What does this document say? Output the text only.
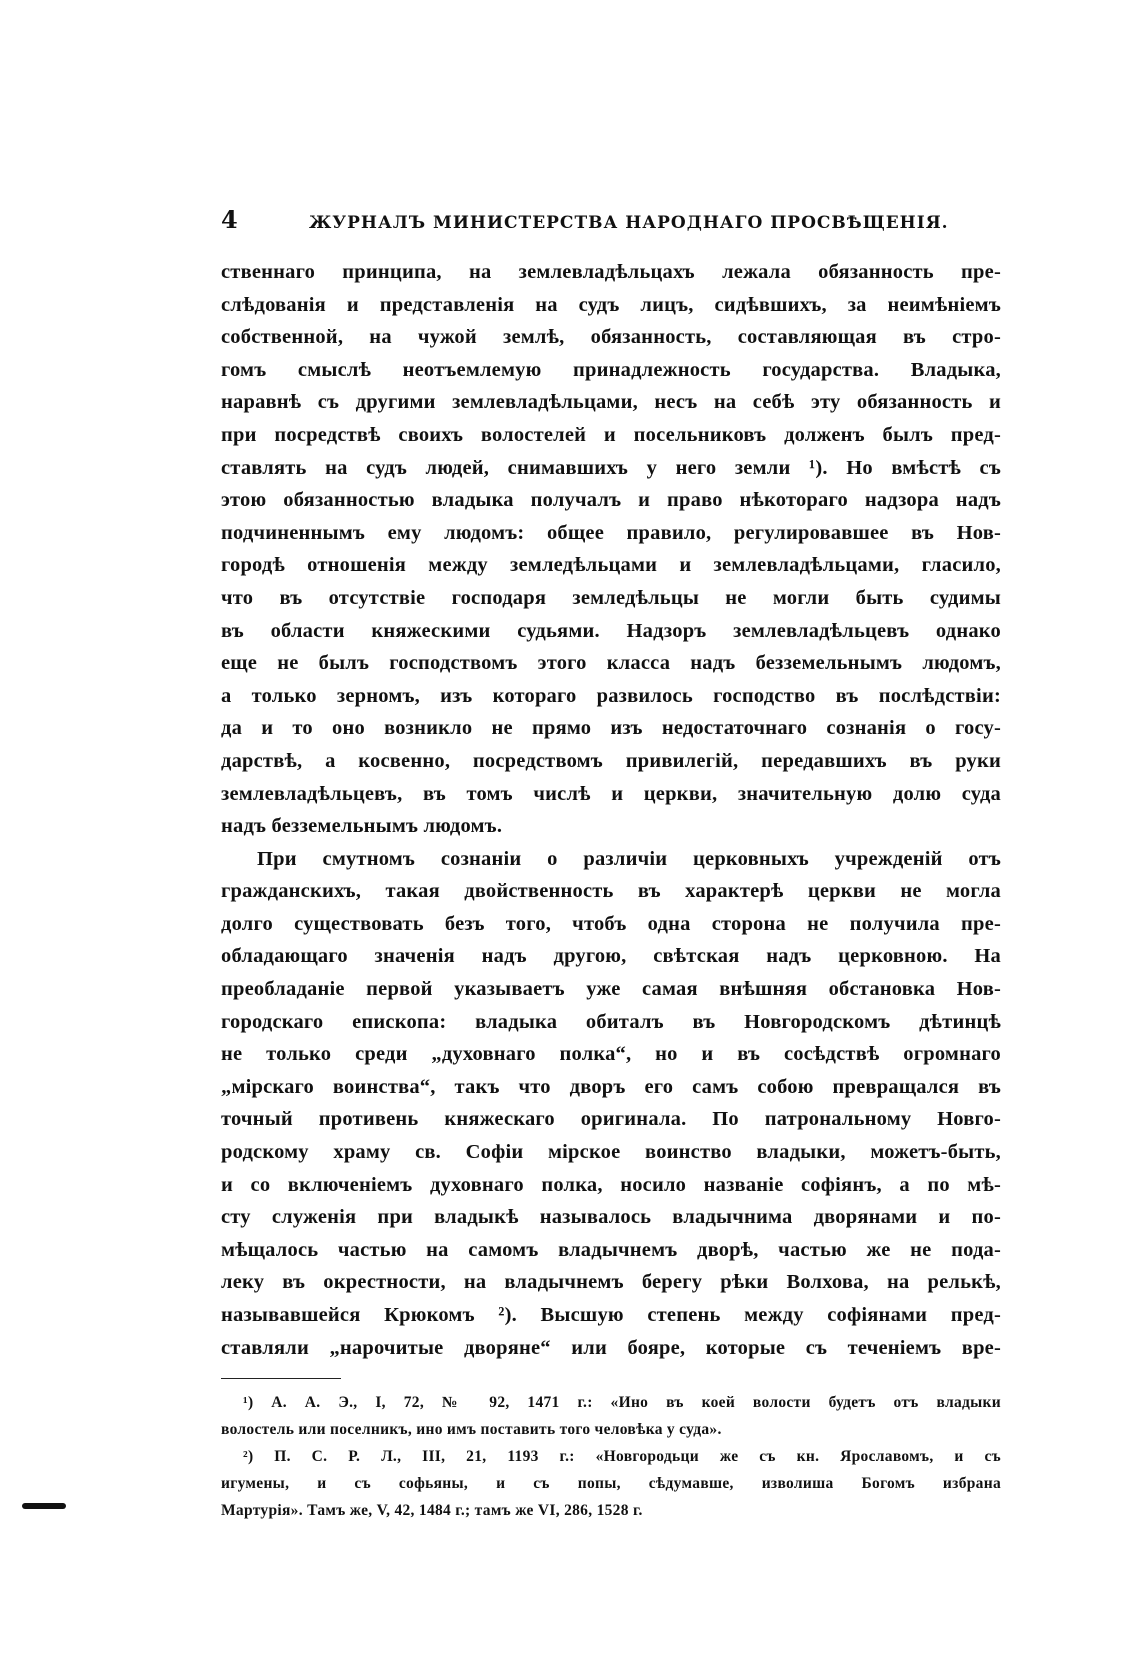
4	ЖУРНАЛЪ МИНИСТЕРСТВА НАРОДНАГО ПРОСВѢЩЕНІЯ.
ственнаго принципа, на землевладѣльцахъ лежала обязанность пре-
слѣдованія и представленія на судъ лицъ, сидѣвшихъ, за неимѣніемъ
собственной, на чужой землѣ, обязанность, составляющая въ стро-
гомъ смыслѣ неотъемлемую принадлежность государства. Владыка,
наравнѣ съ другими землевладѣльцами, несъ на себѣ эту обязанность и
при посредствѣ своихъ волостелей и посельниковъ долженъ былъ пред-
ставлять на судъ людей, снимавшихъ у него земли ¹). Но вмѣстѣ съ
этою обязанностью владыка получалъ и право нѣкотораго надзора надъ
подчиненнымъ ему людомъ: общее правило, регулировавшее въ Нов-
городѣ отношенія между земледѣльцами и землевладѣльцами, гласило,
что въ отсутствіе господаря земледѣльцы не могли быть судимы
въ области княжескими судьями. Надзоръ землевладѣльцевъ однако
еще не былъ господствомъ этого класса надъ безземельнымъ людомъ,
а только зерномъ, изъ котораго развилось господство въ послѣдствіи:
да и то оно возникло не прямо изъ недостаточнаго сознанія о госу-
дарствѣ, а косвенно, посредствомъ привилегій, передавшихъ въ руки
землевладѣльцевъ, въ томъ числѣ и церкви, значительную долю суда
надъ безземельнымъ людомъ.
При смутномъ сознаніи о различіи церковныхъ учрежденій отъ
гражданскихъ, такая двойственность въ характерѣ церкви не могла
долго существовать безъ того, чтобъ одна сторона не получила пре-
обладающаго значенія надъ другою, свѣтская надъ церковною. На
преобладаніе первой указываетъ уже самая внѣшняя обстановка Нов-
городскаго епископа: владыка обиталъ въ Новгородскомъ дѣтинцѣ
не только среди „духовнаго полка“, но и въ сосѣдствѣ огромнаго
„мірскаго воинства“, такъ что дворъ его самъ собою превращался въ
точный противень княжескаго оригинала. По патрональному Новго-
родскому храму св. Софіи мірское воинство владыки, можетъ-быть,
и со включеніемъ духовнаго полка, носило названіе софіянъ, а по мѣ-
сту служенія при владыкѣ называлось владычнима дворянами и по-
мѣщалось частью на самомъ владычнемъ дворѣ, частью же не пода-
леку въ окрестности, на владычнемъ берегу рѣки Волхова, на релькѣ,
называвшейся Крюкомъ ²). Высшую степень между софіянами пред-
ставляли „нарочитые дворяне“ или бояре, которые съ теченіемъ вре-
¹) А. А. Э., I, 72, № 92, 1471 г.: «Ино въ коей волости будетъ отъ владыки
волостель или поселникъ, ино имъ поставить того человѣка у суда».
²) П. С. Р. Л., III, 21, 1193 г.: «Новгородьци же съ кн. Ярославомъ, и съ
игумены, и съ софьяны, и съ попы, сѣдумавше, изволиша Богомъ избрана
Мартурія». Тамъ же, V, 42, 1484 г.; тамъ же VI, 286, 1528 г.
